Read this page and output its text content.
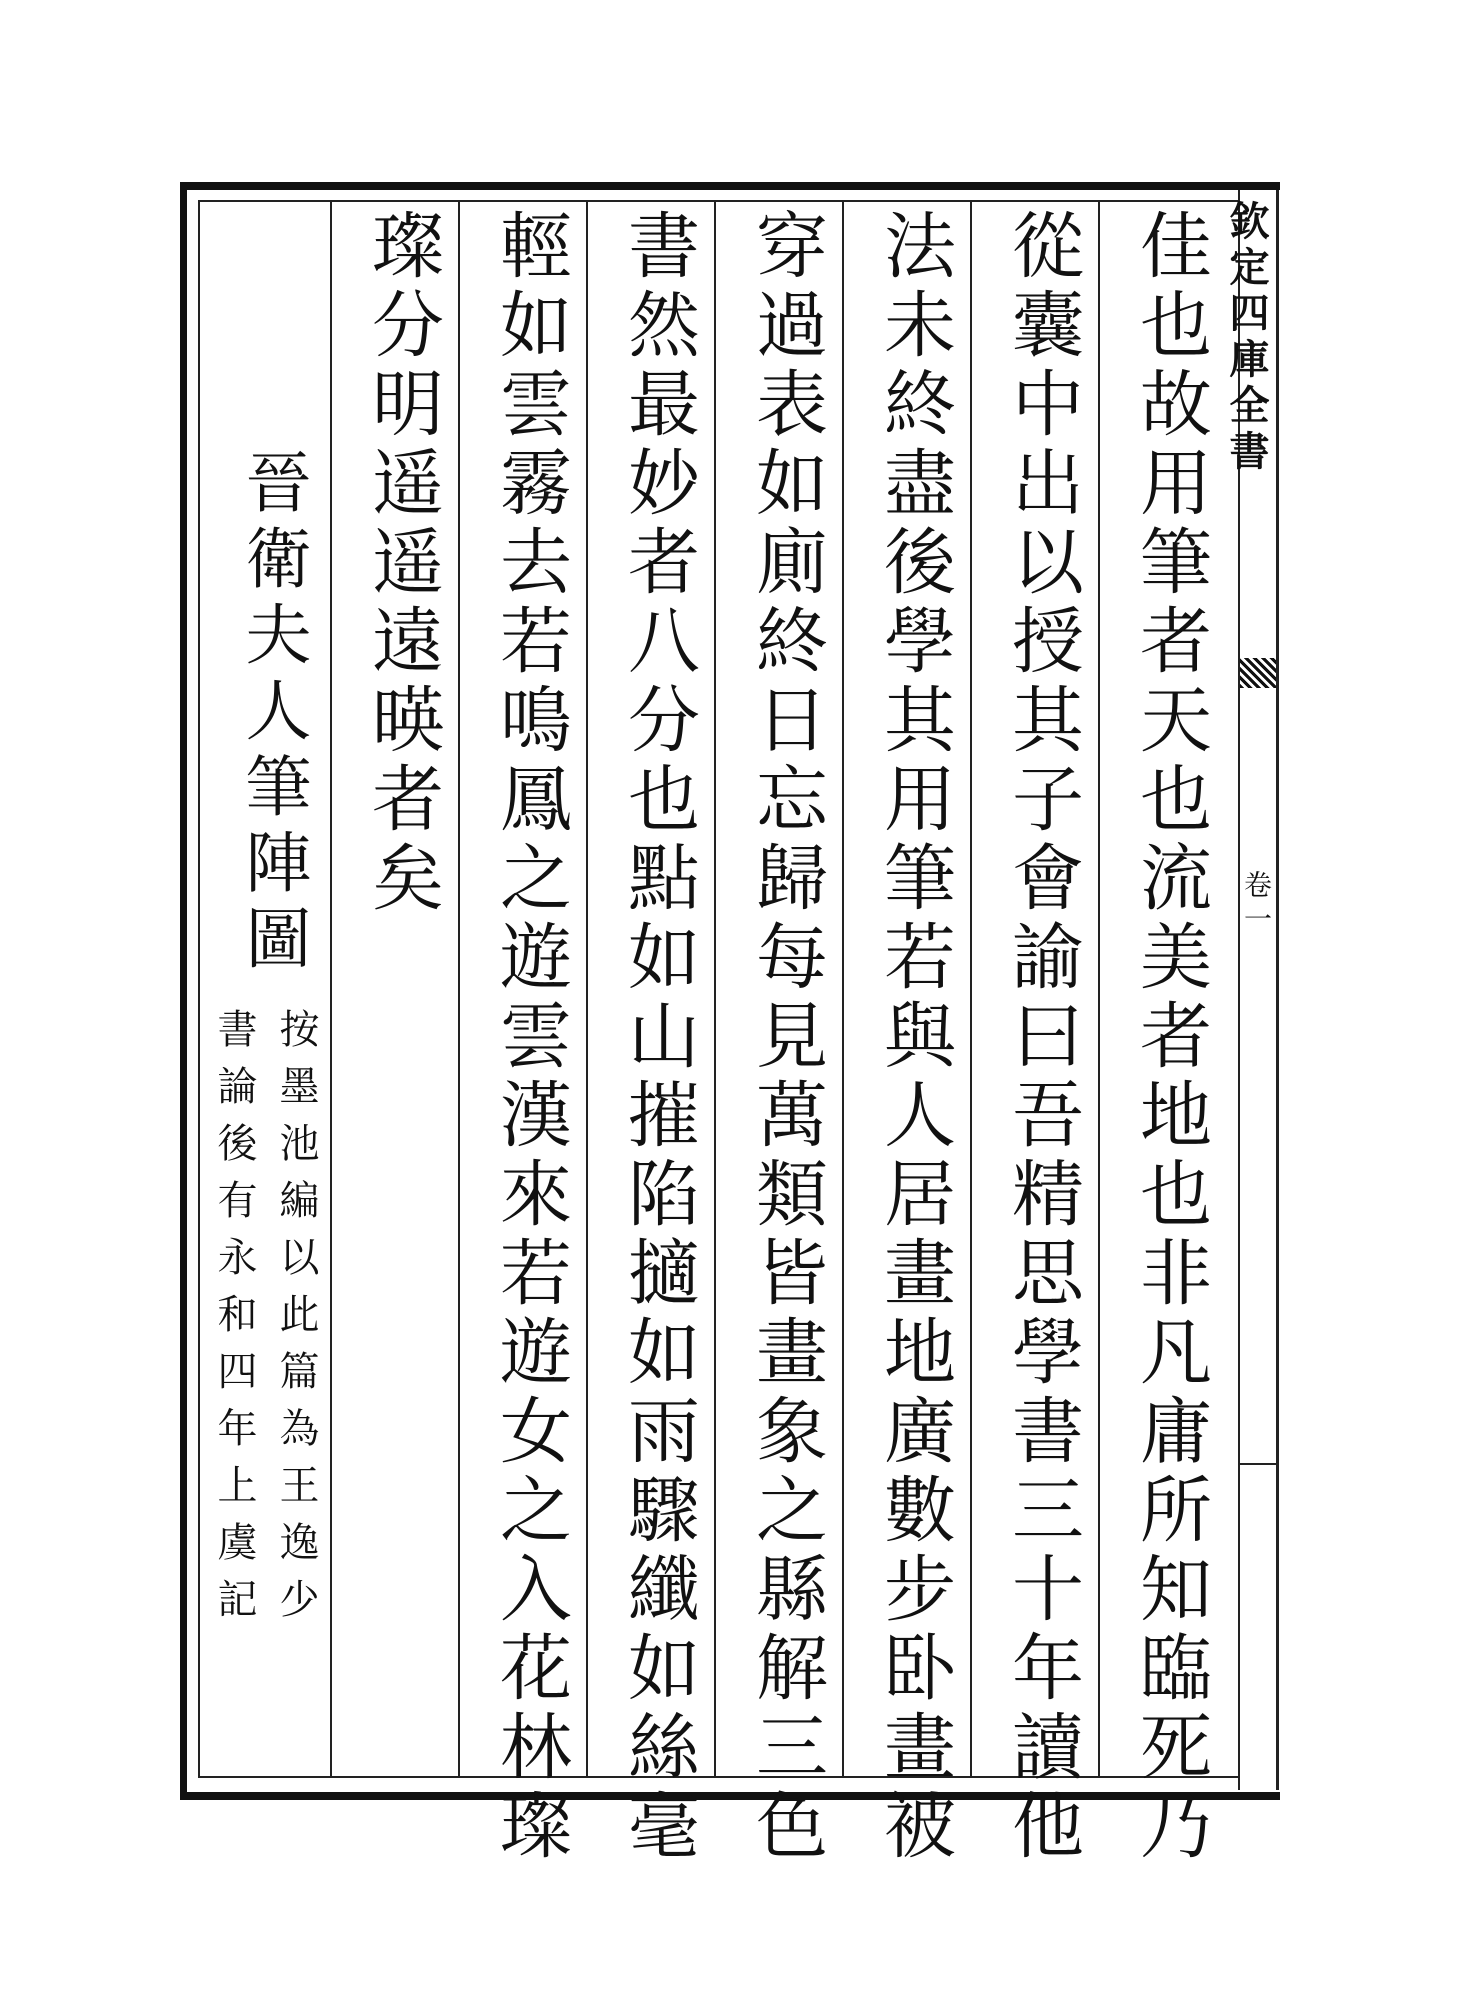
欽定四庫全書
卷一
佳也故用筆者天也流美者地也非凡庸所知臨死乃
從囊中出以授其子會諭曰吾精思學書三十年讀他
法未終盡後學其用筆若與人居畫地廣數步卧畫被
穿過表如廁終日忘歸每見萬類皆畫象之縣解三色
書然最妙者八分也點如山摧陷擿如雨驟纖如絲毫
輕如雲霧去若鳴鳳之遊雲漢來若遊女之入花林璨
璨分明遥遥遠暎者矣
晉衛夫人筆陣圖
按墨池編以此篇為王逸少
書論後有永和四年上虞記
